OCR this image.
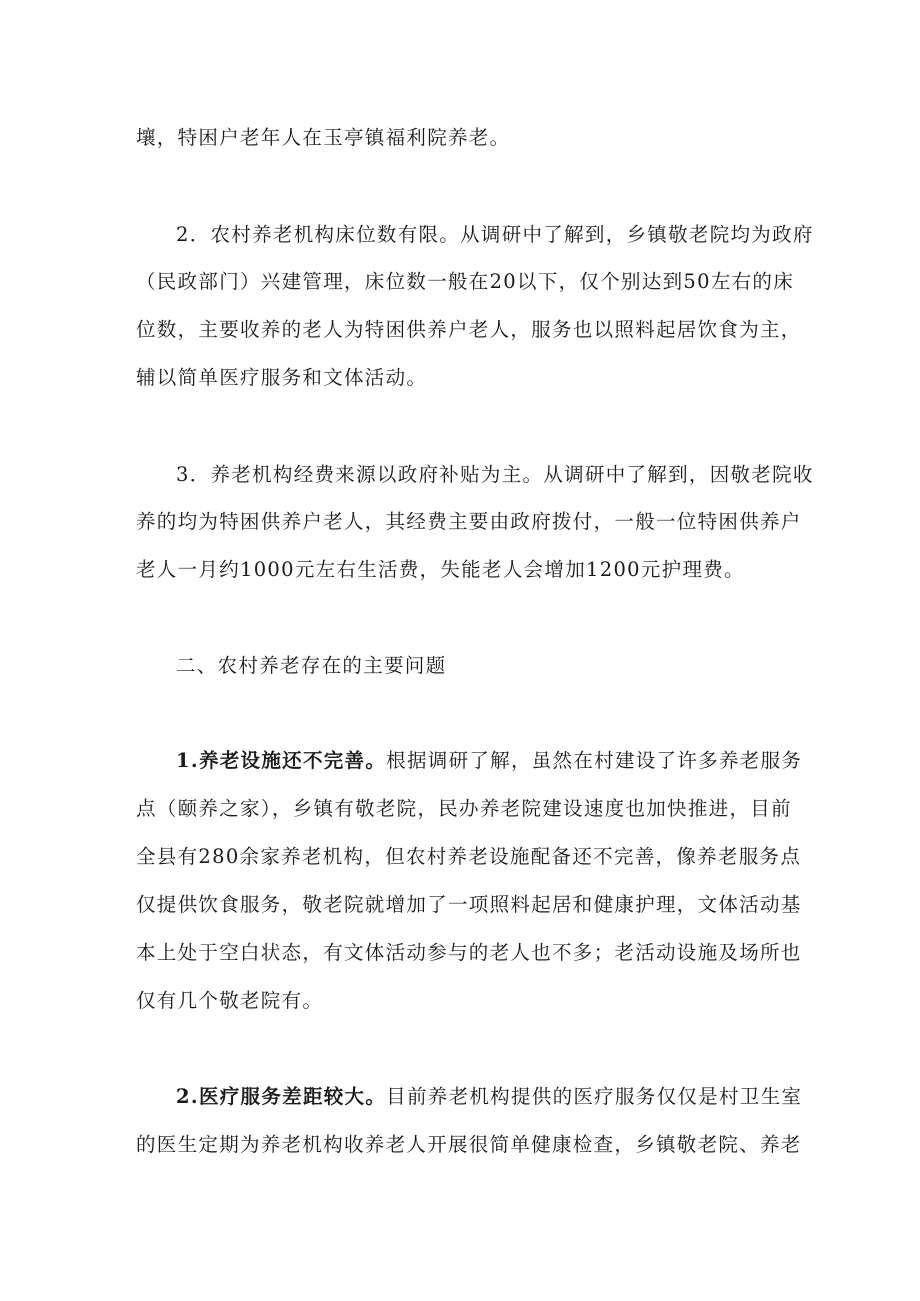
壤，特困户老年人在玉亭镇福利院养老。
2．农村养老机构床位数有限。从调研中了解到，乡镇敬老院均为政府
（民政部门）兴建管理，床位数一般在20以下，仅个别达到50左右的床
位数，主要收养的老人为特困供养户老人，服务也以照料起居饮食为主，
辅以简单医疗服务和文体活动。
3．养老机构经费来源以政府补贴为主。从调研中了解到，因敬老院收
养的均为特困供养户老人，其经费主要由政府拨付，一般一位特困供养户
老人一月约1000元左右生活费，失能老人会增加1200元护理费。
二、农村养老存在的主要问题
1.养老设施还不完善。根据调研了解，虽然在村建设了许多养老服务
点（颐养之家），乡镇有敬老院，民办养老院建设速度也加快推进，目前
全县有280余家养老机构，但农村养老设施配备还不完善，像养老服务点
仅提供饮食服务，敬老院就增加了一项照料起居和健康护理，文体活动基
本上处于空白状态，有文体活动参与的老人也不多；老活动设施及场所也
仅有几个敬老院有。
2.医疗服务差距较大。目前养老机构提供的医疗服务仅仅是村卫生室
的医生定期为养老机构收养老人开展很简单健康检查，乡镇敬老院、养老
